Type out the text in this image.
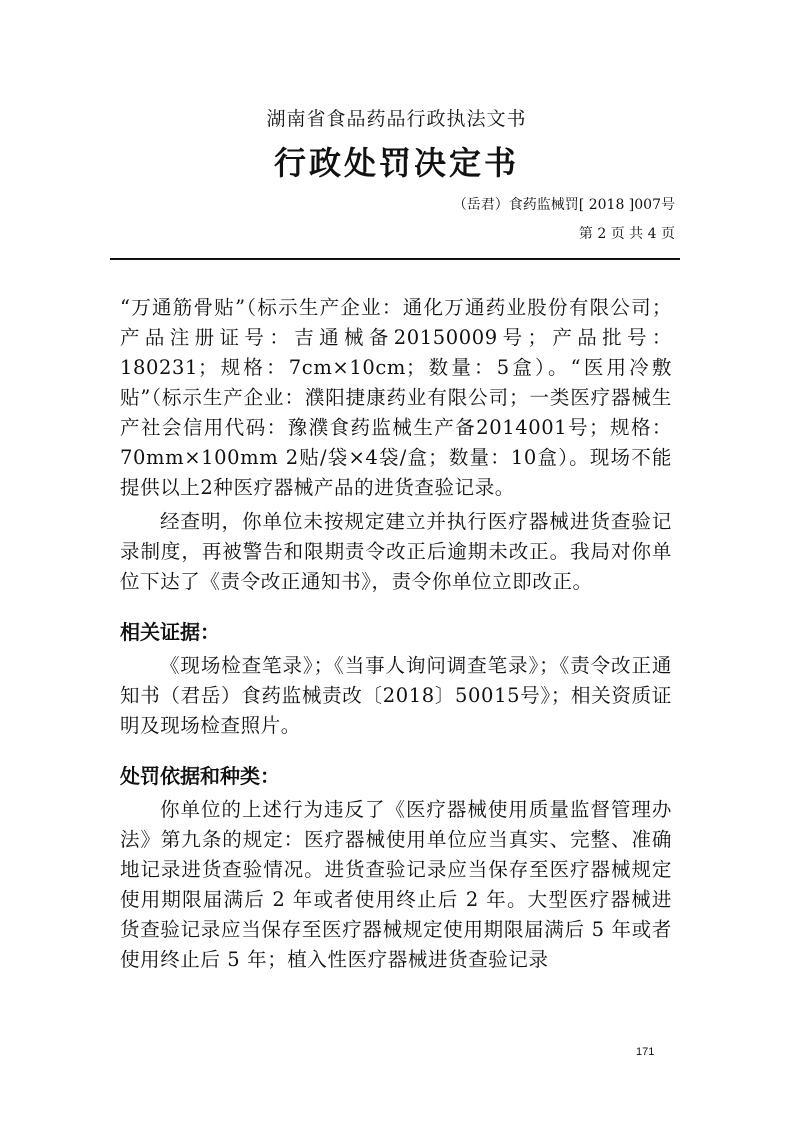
湖南省食品药品行政执法文书
行政处罚决定书
（岳君）食药监械罚[ 2018 ]007号
第 2 页 共 4 页

“万通筋骨贴”（标示生产企业：通化万通药业股份有限公司；产品注册证号：吉通械备20150009号；产品批号：180231；规格：7cm×10cm；数量：5盒）。“医用冷敷贴”（标示生产企业：濮阳捷康药业有限公司；一类医疗器械生产社会信用代码：豫濮食药监械生产备2014001号；规格：70mm×100mm 2贴/袋×4袋/盒；数量：10盒）。现场不能提供以上2种医疗器械产品的进货查验记录。

经查明，你单位未按规定建立并执行医疗器械进货查验记录制度，再被警告和限期责令改正后逾期未改正。我局对你单位下达了《责令改正通知书》，责令你单位立即改正。

相关证据：

《现场检查笔录》；《当事人询问调查笔录》；《责令改正通知书（君岳）食药监械责改〔2018〕50015号》；相关资质证明及现场检查照片。

处罚依据和种类：

你单位的上述行为违反了《医疗器械使用质量监督管理办法》第九条的规定：医疗器械使用单位应当真实、完整、准确地记录进货查验情况。进货查验记录应当保存至医疗器械规定使用期限届满后 2 年或者使用终止后 2 年。大型医疗器械进货查验记录应当保存至医疗器械规定使用期限届满后 5 年或者使用终止后 5 年；植入性医疗器械进货查验记录

171
